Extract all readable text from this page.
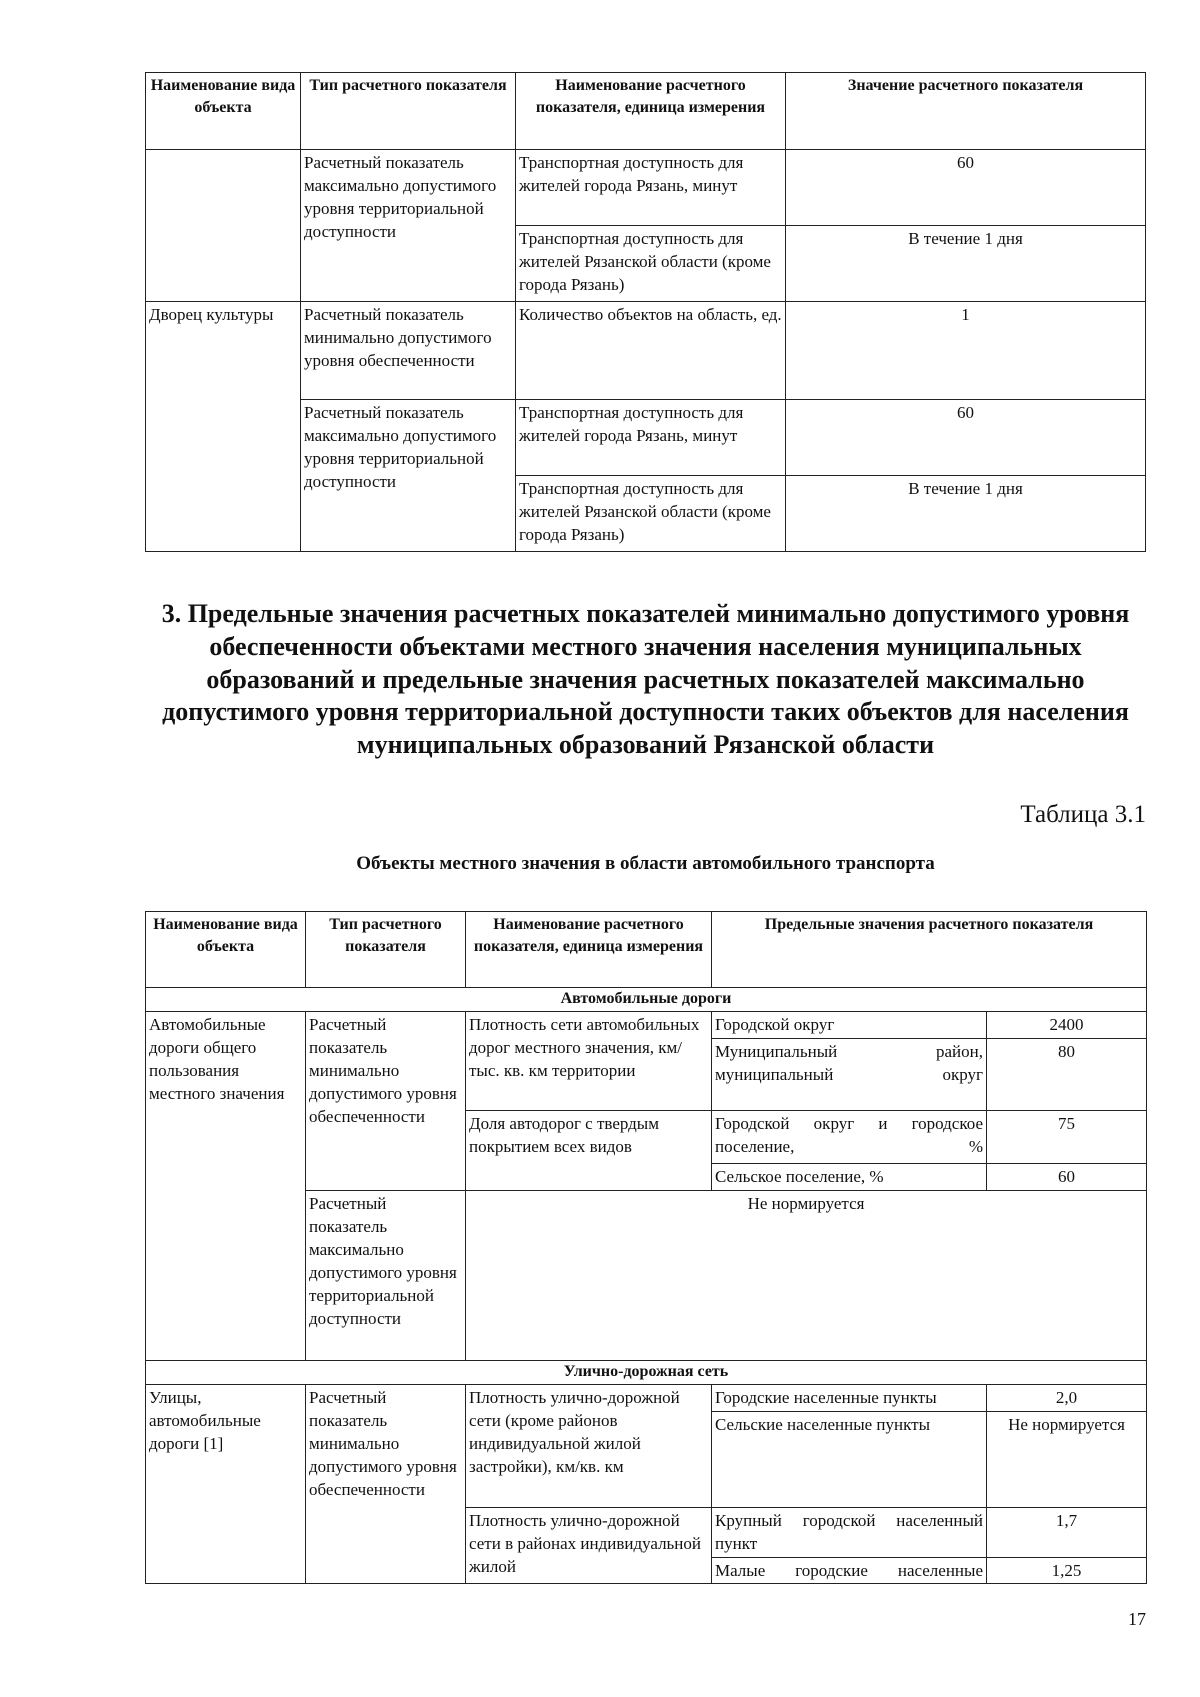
Наименование вида объекта	Тип расчетного показателя	Наименование расчетного показателя, единица измерения	Значение расчетного показателя
	Расчетный показатель максимально допустимого уровня территориальной доступности	Транспортная доступность для жителей города Рязань, минут	60
		Транспортная доступность для жителей Рязанской области (кроме города Рязань)	В течение 1 дня
Дворец культуры	Расчетный показатель минимально допустимого уровня обеспеченности	Количество объектов на область, ед.	1
	Расчетный показатель максимально допустимого уровня территориальной доступности	Транспортная доступность для жителей города Рязань, минут	60
		Транспортная доступность для жителей Рязанской области (кроме города Рязань)	В течение 1 дня
3. Предельные значения расчетных показателей минимально допустимого уровня обеспеченности объектами местного значения населения муниципальных образований и предельные значения расчетных показателей максимально допустимого уровня территориальной доступности таких объектов для населения муниципальных образований Рязанской области
Таблица 3.1
Объекты местного значения в области автомобильного транспорта
Наименование вида объекта	Тип расчетного показателя	Наименование расчетного показателя, единица измерения	Предельные значения расчетного показателя	
Автомобильные дороги				
Автомобильные дороги общего пользования местного значения	Расчетный показатель минимально допустимого уровня обеспеченности	Плотность сети автомобильных дорог местного значения, км/тыс. кв. км территории	Городской округ	2400
			Муниципальный район, муниципальный округ	80
		Доля автодорог с твердым покрытием всех видов	Городской округ и городское поселение, %	75
			Сельское поселение, %	60
	Расчетный показатель максимально допустимого уровня территориальной доступности	Не нормируется		
Улично-дорожная сеть				
Улицы, автомобильные дороги [1]	Расчетный показатель минимально допустимого уровня обеспеченности	Плотность улично-дорожной сети (кроме районов индивидуальной жилой застройки), км/кв. км	Городские населенные пункты	2,0
			Сельские населенные пункты	Не нормируется
		Плотность улично-дорожной сети в районах индивидуальной жилой	Крупный городской населенный пункт	1,7
			Малые городские населенные	1,25
17
